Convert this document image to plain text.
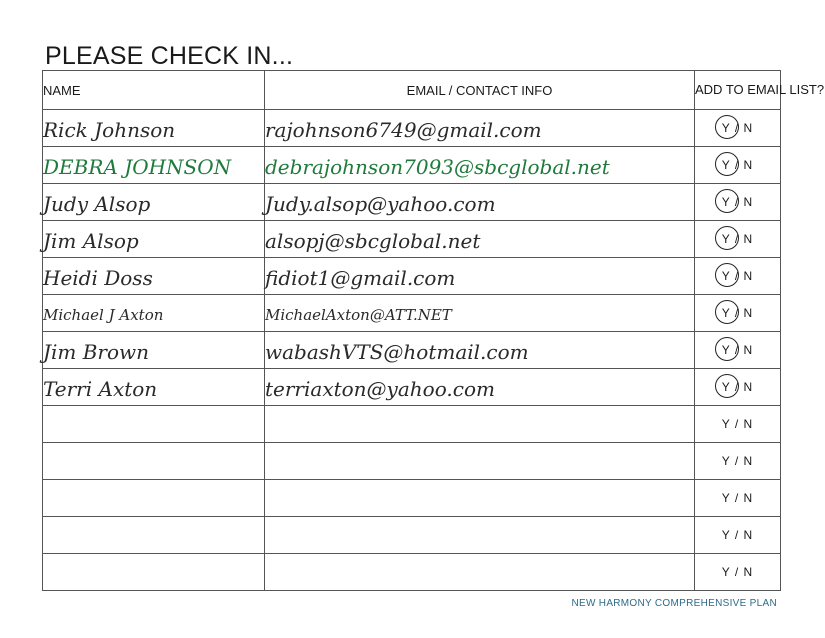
PLEASE CHECK IN...
NAME	EMAIL / CONTACT INFO	ADD TO EMAIL LIST?
Rick Johnson	rajohnson6749@gmail.com	Y / N
DEBRA JOHNSON	debrajohnson7093@sbcglobal.net	Y / N
Judy Alsop	Judy.alsop@yahoo.com	Y / N
Jim Alsop	alsopj@sbcglobal.net	Y / N
Heidi Doss	fidiot1@gmail.com	Y / N
Michael J Axton	MichaelAxton@ATT.NET	Y / N
Jim Brown	wabashVTS@hotmail.com	Y / N
Terri Axton	terriaxton@yahoo.com	Y / N
		Y / N
		Y / N
		Y / N
		Y / N
		Y / N
NEW HARMONY COMPREHENSIVE PLAN
